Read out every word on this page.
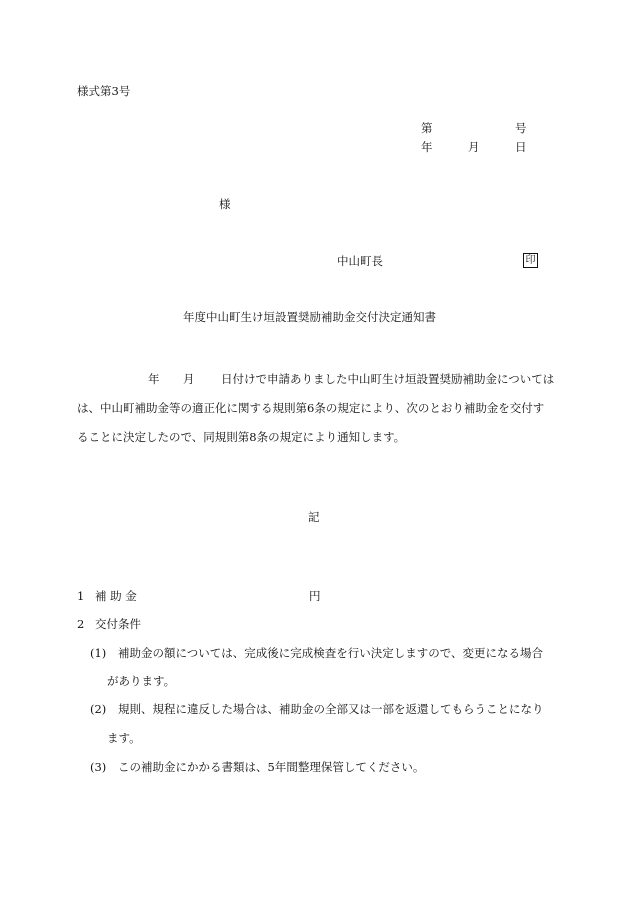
様式第3号
第	号
年	月	日
様
中山町長	印
年度中山町生け垣設置奨励補助金交付決定通知書
年 月 日付けで申請ありました中山町生け垣設置奨励補助金については
は、中山町補助金等の適正化に関する規則第6条の規定により、次のとおり補助金を交付す
ることに決定したので、同規則第8条の規定により通知します。
記
1 補 助 金	円
2 交付条件
(1) 補助金の額については、完成後に完成検査を行い決定しますので、変更になる場合
があります。
(2) 規則、規程に違反した場合は、補助金の全部又は一部を返還してもらうことになり
ます。
(3) この補助金にかかる書類は、5年間整理保管してください。
